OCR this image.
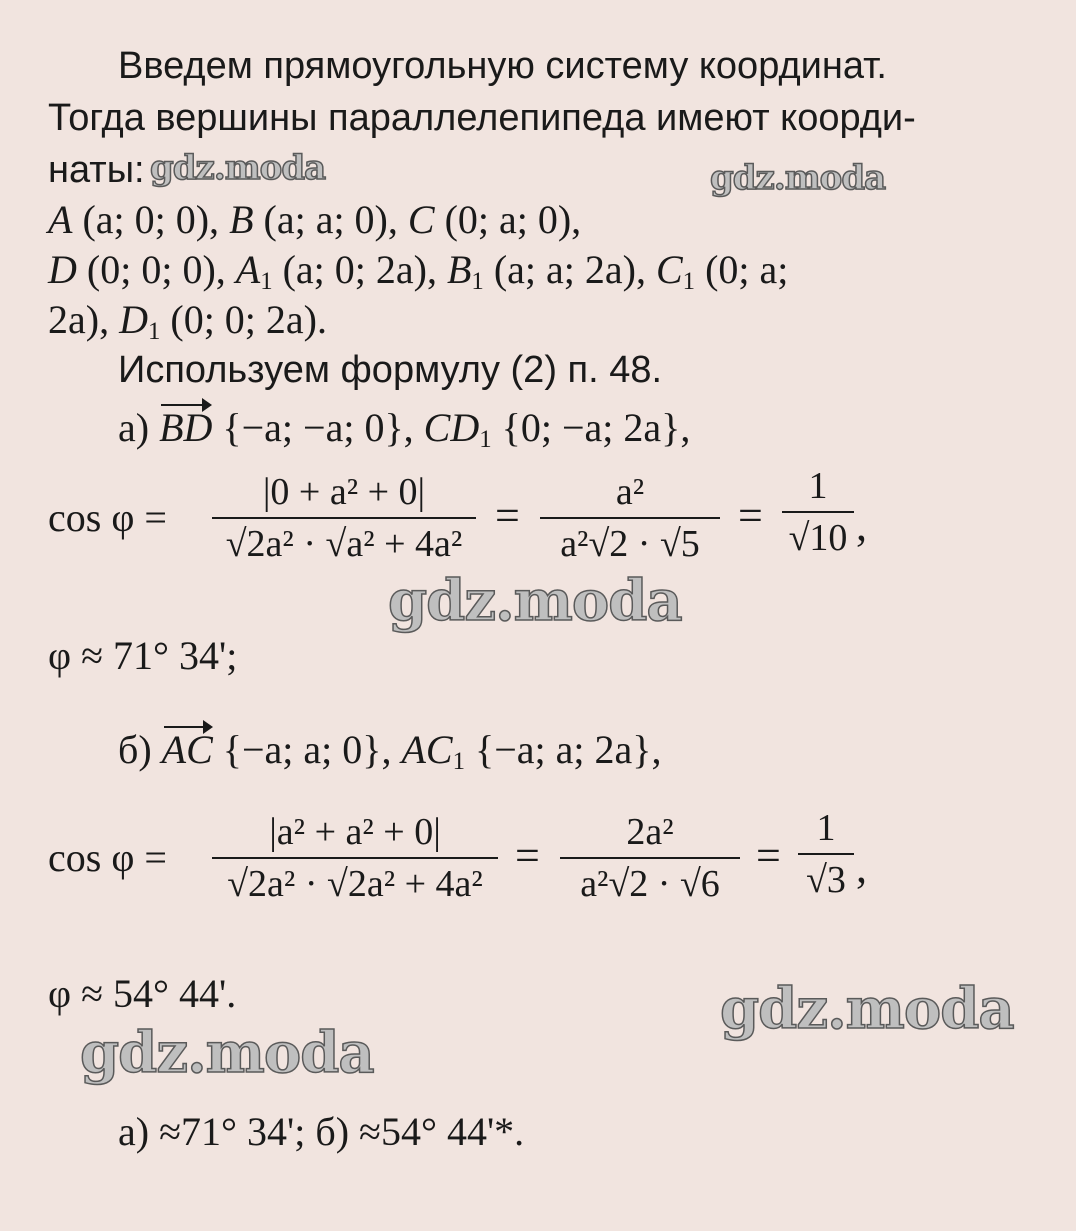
Введем прямоугольную систему координат.
Тогда вершины параллелепипеда имеют коорди-
наты:
A (a; 0; 0), B (a; a; 0), C (0; a; 0),
D (0; 0; 0), $A_1$ (a; 0; 2a), $B_1$ (a; a; 2a), $C_1$ (0; a;
2a), $D_1$ (0; 0; 2a).
Используем формулу (2) п. 48.
а) BD {−a; −a; 0}, $CD_1$ {0; −a; 2a},
cos φ =
|0 + a² + 0|
√2a² · √a² + 4a²
=	a²
a²√2 · √5
=
1
√10 ,
φ ≈ 71° 34';
б) AC {−a; a; 0}, $AC_1$ {−a; a; 2a},
cos φ =
|a² + a² + 0|
√2a² · √2a² + 4a²
=	2a²
a²√2 · √6
=
1
√3 ,
φ ≈ 54° 44'.
а) ≈71° 34'; б) ≈54° 44'*.
gdz.moda	gdz.moda
gdz.moda
gdz.moda
gdz.moda
